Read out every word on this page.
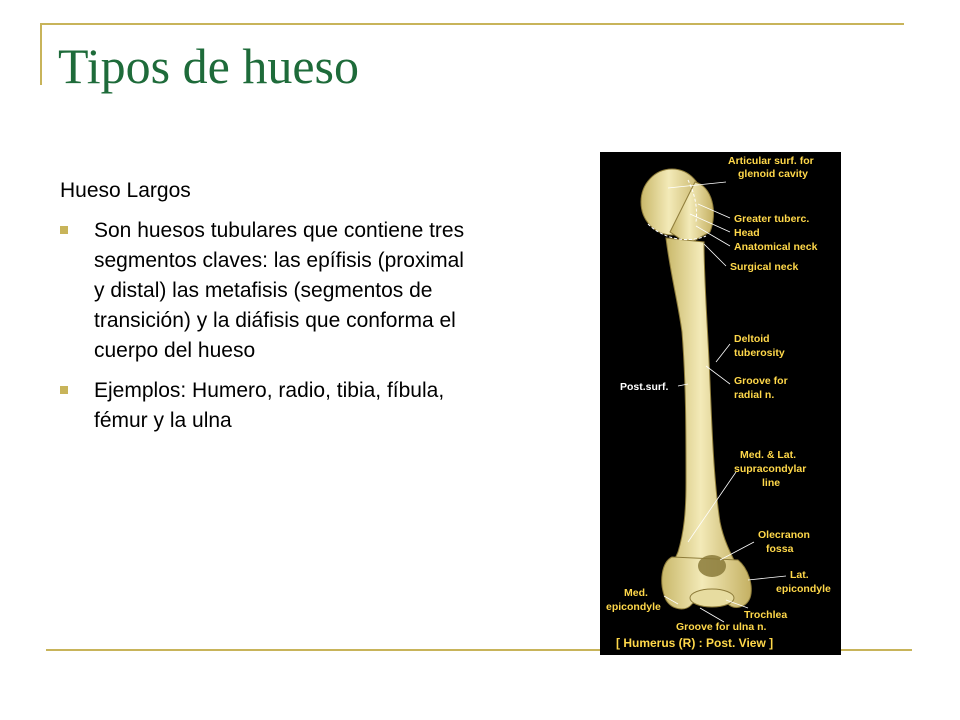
Tipos de hueso

Hueso Largos

Son huesos tubulares que contiene tres segmentos claves: las epífisis (proximal y distal) las metafisis (segmentos de transición) y la diáfisis que conforma el cuerpo del hueso
Ejemplos: Humero, radio, tibia, fíbula, fémur y la ulna
Articular surf. for
glenoid cavity
Greater tuberc.
Head
Anatomical neck
Surgical neck
Deltoid
tuberosity
Post.surf.	Groove for
radial n.
Med. & Lat.
supracondylar
line
Olecranon
fossa
Lat.
epicondyle
Med.
epicondyle
Trochlea
Groove for ulna n.
[ Humerus (R) : Post. View ]
